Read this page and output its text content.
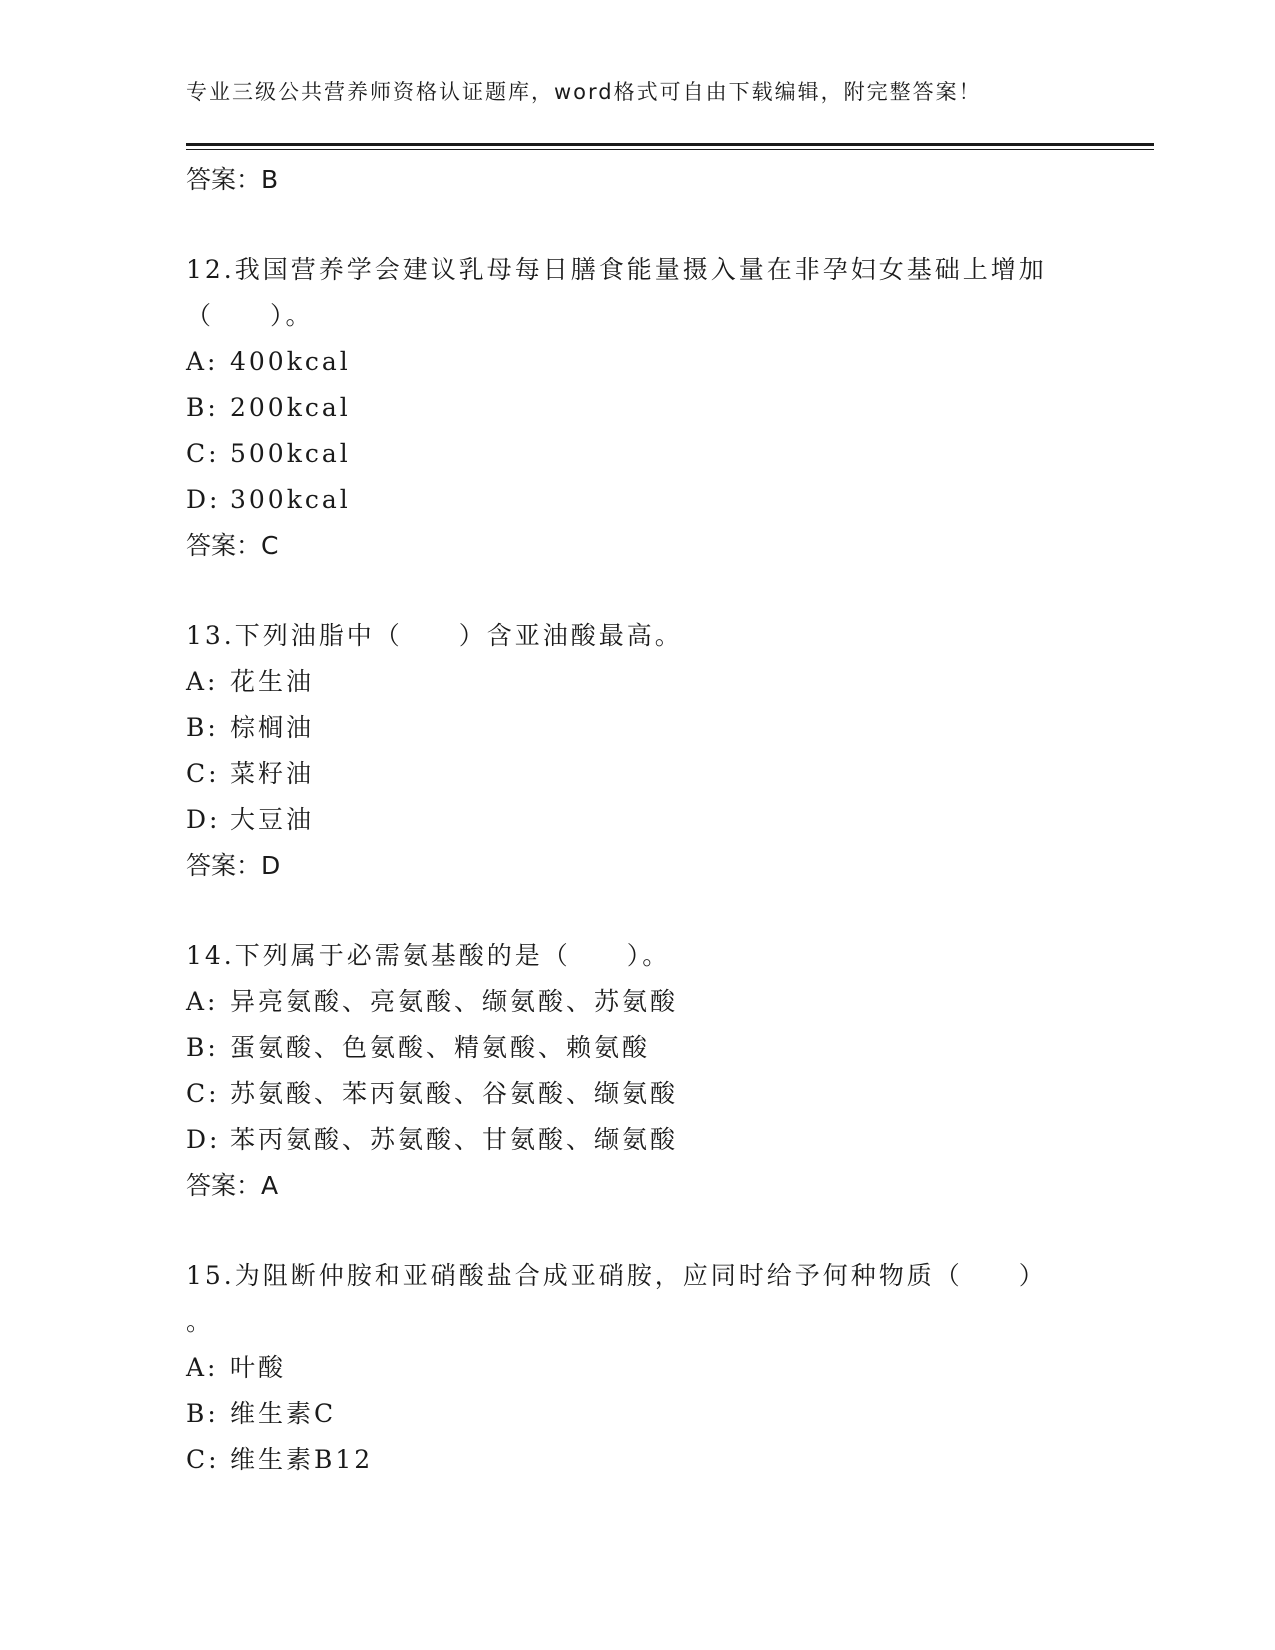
专业三级公共营养师资格认证题库，word格式可自由下载编辑，附完整答案！
答案：B
12.我国营养学会建议乳母每日膳食能量摄入量在非孕妇女基础上增加
（　　）。
A: 400kcal
B: 200kcal
C: 500kcal
D: 300kcal
答案：C
13.下列油脂中（　　）含亚油酸最高。
A: 花生油
B: 棕榈油
C: 菜籽油
D: 大豆油
答案：D
14.下列属于必需氨基酸的是（　　）。
A: 异亮氨酸、亮氨酸、缬氨酸、苏氨酸
B: 蛋氨酸、色氨酸、精氨酸、赖氨酸
C: 苏氨酸、苯丙氨酸、谷氨酸、缬氨酸
D: 苯丙氨酸、苏氨酸、甘氨酸、缬氨酸
答案：A
15.为阻断仲胺和亚硝酸盐合成亚硝胺，应同时给予何种物质（　　）
。
A: 叶酸
B: 维生素C
C: 维生素B12
